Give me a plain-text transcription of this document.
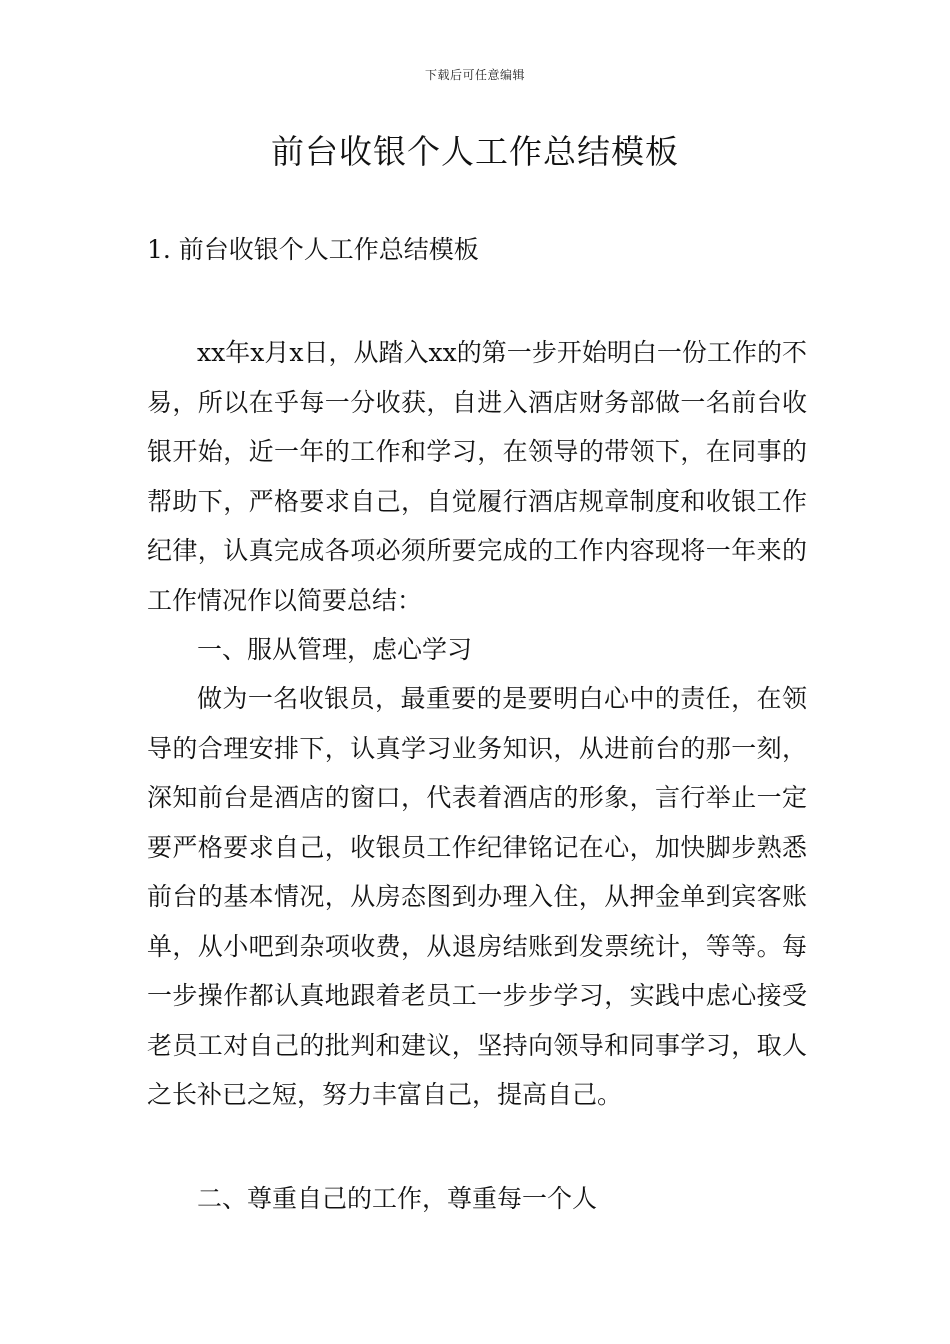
下载后可任意编辑
前台收银个人工作总结模板
1. 前台收银个人工作总结模板

xx年x月x日，从踏入xx的第一步开始明白一份工作的不易，所以在乎每一分收获，自进入酒店财务部做一名前台收银开始，近一年的工作和学习，在领导的带领下，在同事的帮助下，严格要求自己，自觉履行酒店规章制度和收银工作纪律，认真完成各项必须所要完成的工作内容现将一年来的工作情况作以简要总结：

一、服从管理，虑心学习

做为一名收银员，最重要的是要明白心中的责任，在领导的合理安排下，认真学习业务知识，从进前台的那一刻，深知前台是酒店的窗口，代表着酒店的形象，言行举止一定要严格要求自己，收银员工作纪律铭记在心，加快脚步熟悉前台的基本情况，从房态图到办理入住，从押金单到宾客账单，从小吧到杂项收费，从退房结账到发票统计，等等。每一步操作都认真地跟着老员工一步步学习，实践中虑心接受老员工对自己的批判和建议，坚持向领导和同事学习，取人之长补已之短，努力丰富自己，提高自己。

二、尊重自己的工作，尊重每一个人
